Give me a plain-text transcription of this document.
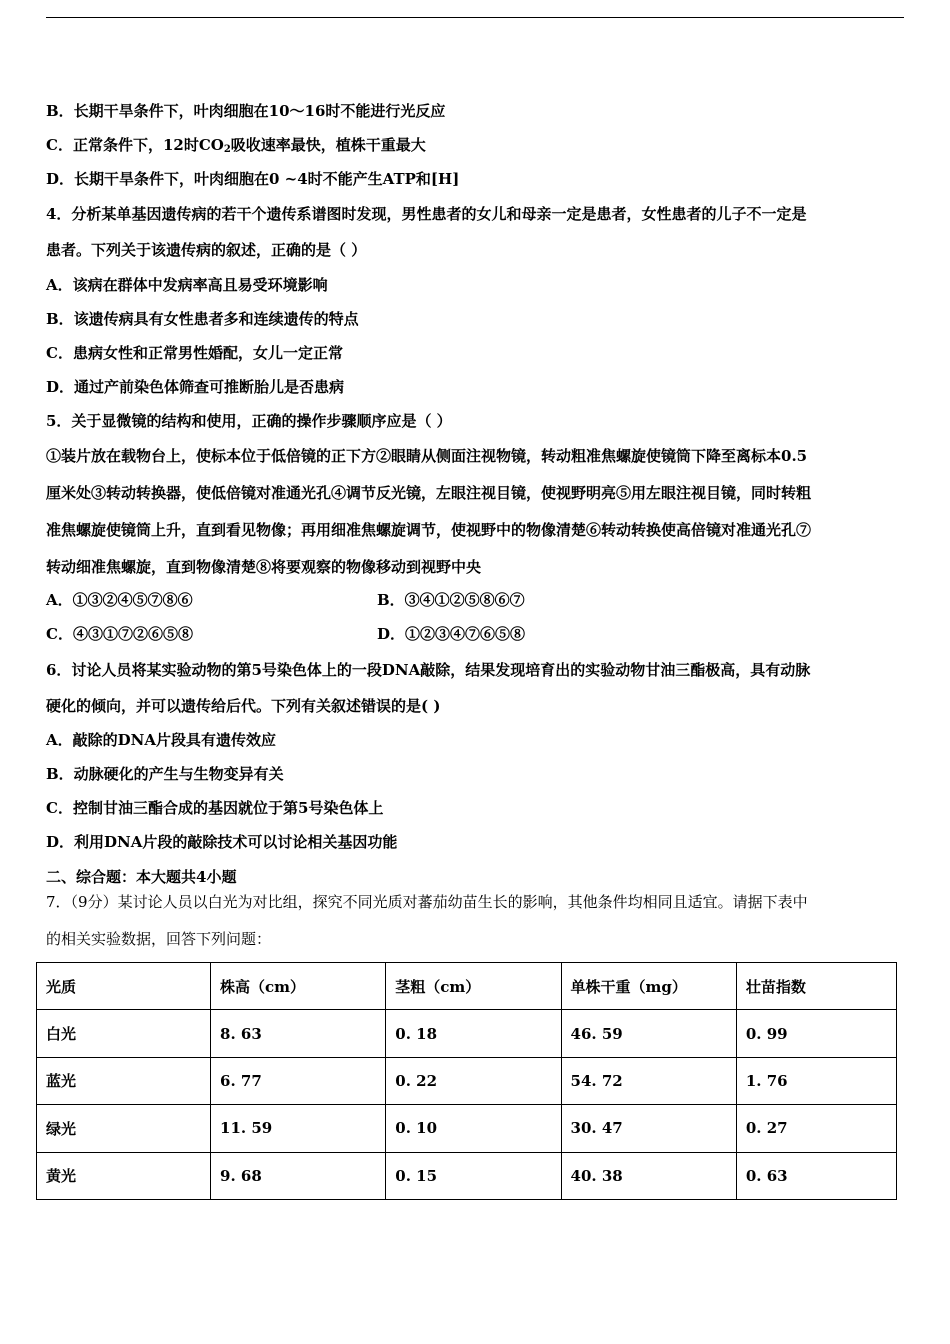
B．长期干旱条件下，叶肉细胞在10～16时不能进行光反应
C．正常条件下，12时$CO_2$吸收速率最快，植株干重最大
D．长期干旱条件下，叶肉细胞在0 ~4时不能产生ATP和[H]
4．分析某单基因遗传病的若干个遗传系谱图时发现，男性患者的女儿和母亲一定是患者，女性患者的儿子不一定是
患者。下列关于该遗传病的叙述，正确的是（ ）
A．该病在群体中发病率高且易受环境影响
B．该遗传病具有女性患者多和连续遗传的特点
C．患病女性和正常男性婚配，女儿一定正常
D．通过产前染色体筛查可推断胎儿是否患病
5．关于显微镜的结构和使用，正确的操作步骤顺序应是（ ）
①装片放在载物台上，使标本位于低倍镜的正下方②眼睛从侧面注视物镜，转动粗准焦螺旋使镜筒下降至离标本0.5
厘米处③转动转换器，使低倍镜对准通光孔④调节反光镜，左眼注视目镜，使视野明亮⑤用左眼注视目镜，同时转粗
准焦螺旋使镜筒上升，直到看见物像；再用细准焦螺旋调节，使视野中的物像清楚⑥转动转换使高倍镜对准通光孔⑦
转动细准焦螺旋，直到物像清楚⑧将要观察的物像移动到视野中央
A．①③②④⑤⑦⑧⑥	B．③④①②⑤⑧⑥⑦
C．④③①⑦②⑥⑤⑧	D．①②③④⑦⑥⑤⑧
6．讨论人员将某实验动物的第5号染色体上的一段DNA敲除，结果发现培育出的实验动物甘油三酯极高，具有动脉
硬化的倾向，并可以遗传给后代。下列有关叙述错误的是( )
A．敲除的DNA片段具有遗传效应
B．动脉硬化的产生与生物变异有关
C．控制甘油三酯合成的基因就位于第5号染色体上
D．利用DNA片段的敲除技术可以讨论相关基因功能
二、综合题：本大题共4小题
7．（9分）某讨论人员以白光为对比组，探究不同光质对蕃茄幼苗生长的影响，其他条件均相同且适宜。请据下表中
的相关实验数据，回答下列问题：
光质	株高（cm）	茎粗（cm）	单株干重（mg）	壮苗指数
白光	8. 63	0. 18	46. 59	0. 99
蓝光	6. 77	0. 22	54. 72	1. 76
绿光	11. 59	0. 10	30. 47	0. 27
黄光	9. 68	0. 15	40. 38	0. 63
